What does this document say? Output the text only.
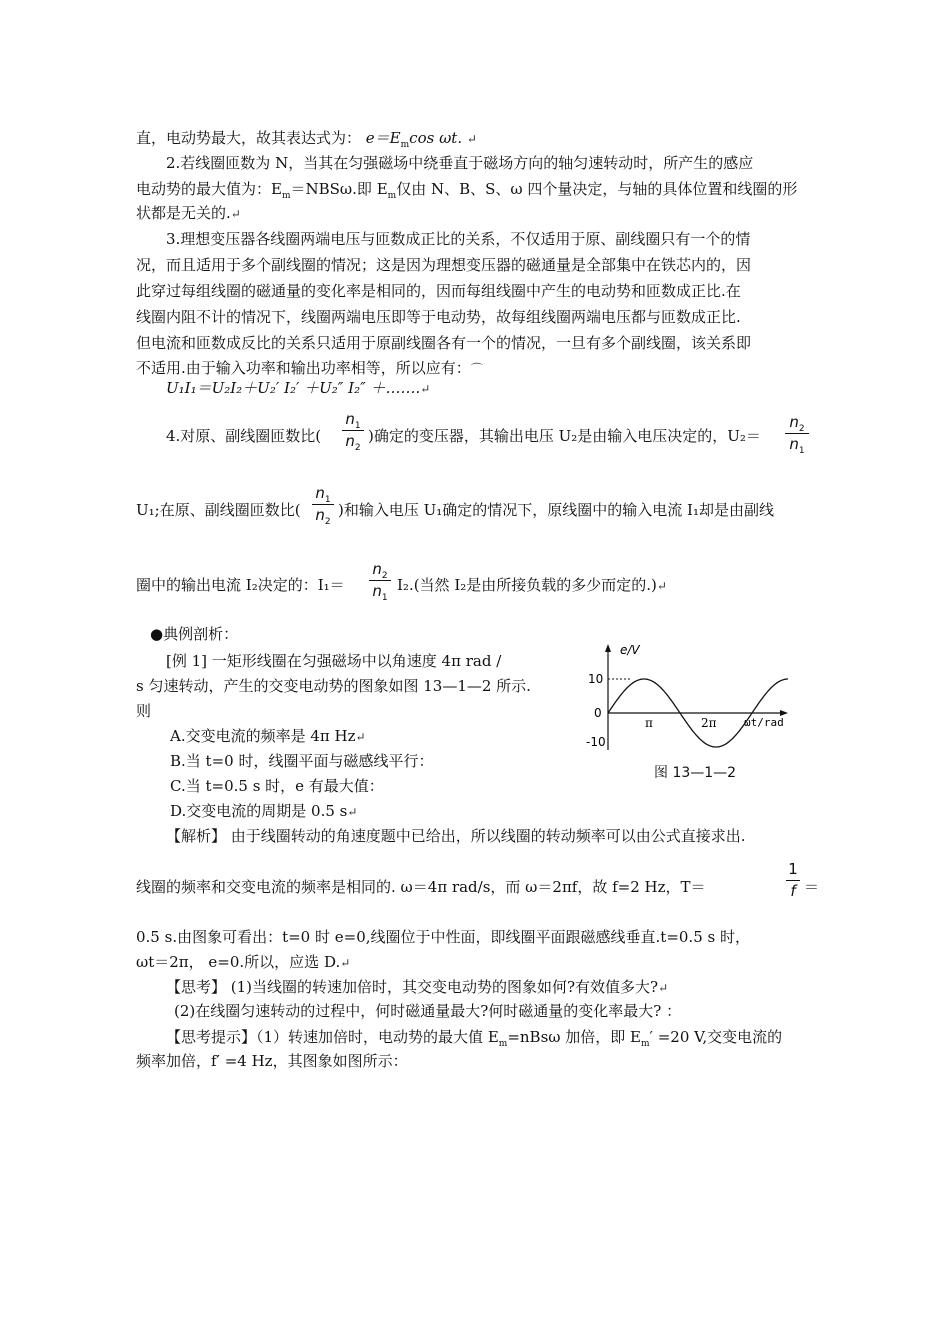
直，电动势最大，故其表达式为： $e=E_m\cos$ ωt. ↵
2.若线圈匝数为 N，当其在匀强磁场中绕垂直于磁场方向的轴匀速转动时，所产生的感应
电动势的最大值为：$E_m=NBS\omega$.即 $E_m$仅由 N、B、S、ω 四个量决定，与轴的具体位置和线圈的形
状都是无关的.↵
3.理想变压器各线圈两端电压与匝数成正比的关系，不仅适用于原、副线圈只有一个的情
况，而且适用于多个副线圈的情况；这是因为理想变压器的磁通量是全部集中在铁芯内的，因
此穿过每组线圈的磁通量的变化率是相同的，因而每组线圈中产生的电动势和匝数成正比.在
线圈内阻不计的情况下，线圈两端电压即等于电动势，故每组线圈两端电压都与匝数成正比.
但电流和匝数成反比的关系只适用于原副线圈各有一个的情况，一旦有多个副线圈，该关系即
不适用.由于输入功率和输出功率相等，所以应有：⌒
U₁I₁＝U₂I₂＋U₂′ I₂′ ＋U₂″ I₂″ ＋…….↵
4.对原、副线圈匝数比(
$n_1$
$n_2$
)确定的变压器，其输出电压 U₂是由输入电压决定的，U₂＝
$n_2$
$n_1$
U₁;在原、副线圈匝数比(
$n_1$
$n_2$
)和输入电压 U₁确定的情况下，原线圈中的输入电流 I₁却是由副线
圈中的输出电流 I₂决定的：I₁＝
$n_2$
$n_1$
I₂.(当然 I₂是由所接负载的多少而定的.)↵
●典例剖析：
[例 1] 一矩形线圈在匀强磁场中以角速度 4π rad /
s 匀速转动，产生的交变电动势的图象如图 13—1—2 所示.
则
A.交变电流的频率是 4π Hz↵
B.当 t=0 时，线圈平面与磁感线平行：
C.当 t=0.5 s 时，e 有最大值：
D.交变电流的周期是 0.5 s↵
e/V
ωt/rad
10
0
-10
π	2π
图 13—1—2
【解析】 由于线圈转动的角速度题中已给出，所以线圈的转动频率可以由公式直接求出.
线圈的频率和交变电流的频率是相同的. ω＝4π rad/s，而 ω＝2πf，故 f=2 Hz，T＝
1
f ＝
0.5 s.由图象可看出：t=0 时 e=0,线圈位于中性面，即线圈平面跟磁感线垂直.t=0.5 s 时，
ωt＝2π， e=0.所以，应选 D.↵
【思考】 (1)当线圈的转速加倍时，其交变电动势的图象如何?有效值多大?↵
(2)在线圈匀速转动的过程中，何时磁通量最大?何时磁通量的变化率最大? ：
【思考提示】（1）转速加倍时，电动势的最大值 $E_m=nBs\omega$ 加倍，即 $E_m' =20$ V,交变电流的
频率加倍，f′ =4 Hz，其图象如图所示：
